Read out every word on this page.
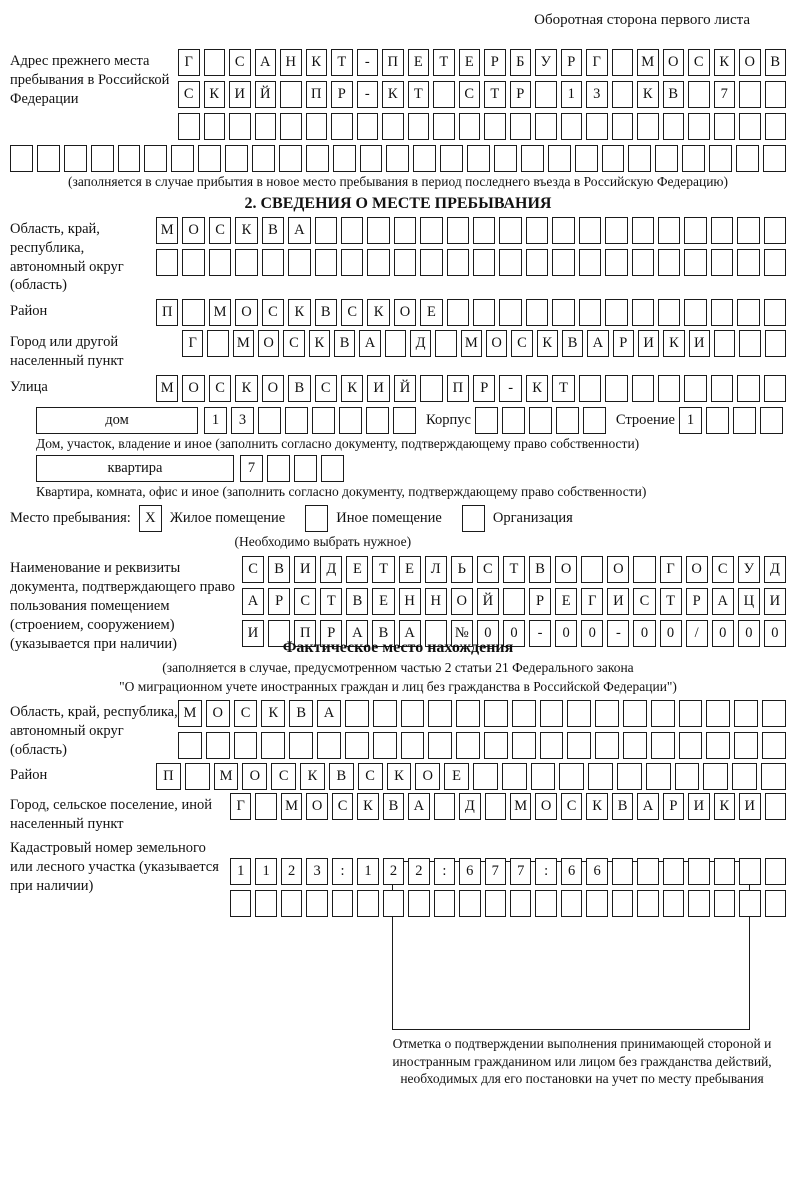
Оборотная сторона первого листа
Адрес прежнего места пребывания в Российской Федерации
Г	С	А	Н	К	Т	-	П	Е	Т	Е	Р	Б	У	Р	Г	М О	С	К	О	В
С	К	И	Й	П	Р	-	К	Т	С	Т	Р	1	3	К	В	7
(заполняется в случае прибытия в новое место пребывания в период последнего въезда в Российскую Федерацию)
2. СВЕДЕНИЯ О МЕСТЕ ПРЕБЫВАНИЯ
Область, край, республика, автономный округ (область)
М	О	С	К	В	А
Район	П	М	О	С	К	В	С	К	О	Е
Город или другой населенный пункт
Г	М О	С	К	В	А	Д	М О	С	К	В	А	Р	И	К	И
Улица	М	О	С	К	О	В	С	К	И	Й	П	Р	-	К	Т
дом	1	3	Корпус	Строение 1
Дом, участок, владение и иное (заполнить согласно документу, подтверждающему право собственности)
квартира	7
Квартира, комната, офис и иное (заполнить согласно документу, подтверждающему право собственности)
Место пребывания: X Жилое помещение	Иное помещение	Организация
(Необходимо выбрать нужное)
Наименование и реквизиты документа, подтверждающего право пользования помещением (строением, сооружением) (указывается при наличии)
С	В	И	Д	Е	Т	Е	Л	Ь	С	Т	В	О	О	Г	О	С	У	Д
А	Р	С	Т	В	Е	Н	Н	О	Й	Р	Е	Г	И	С	Т	Р	А	Ц	И
И	П	Р	А	В	А	№	0	0	-	0	0	-	0	0	/	0	0	0
Фактическое место нахождения
(заполняется в случае, предусмотренном частью 2 статьи 21 Федерального закона
"О миграционном учете иностранных граждан и лиц без гражданства в Российской Федерации")
Область, край, республика, автономный округ (область)
М	О	С	К	В	А
Район	П	М	О	С	К	В	С	К	О	Е
Город, сельское поселение, иной населенный пункт
Г	М О	С	К	В	А	Д	М О	С	К	В	А	Р	И	К	И
Кадастровый номер земельного или лесного участка (указывается при наличии)
1	1	2	3	:	1	2	2	:	6	7	7	:	6	6
Отметка о подтверждении выполнения принимающей стороной и иностранным гражданином или лицом без гражданства действий, необходимых для его постановки на учет по месту пребывания
